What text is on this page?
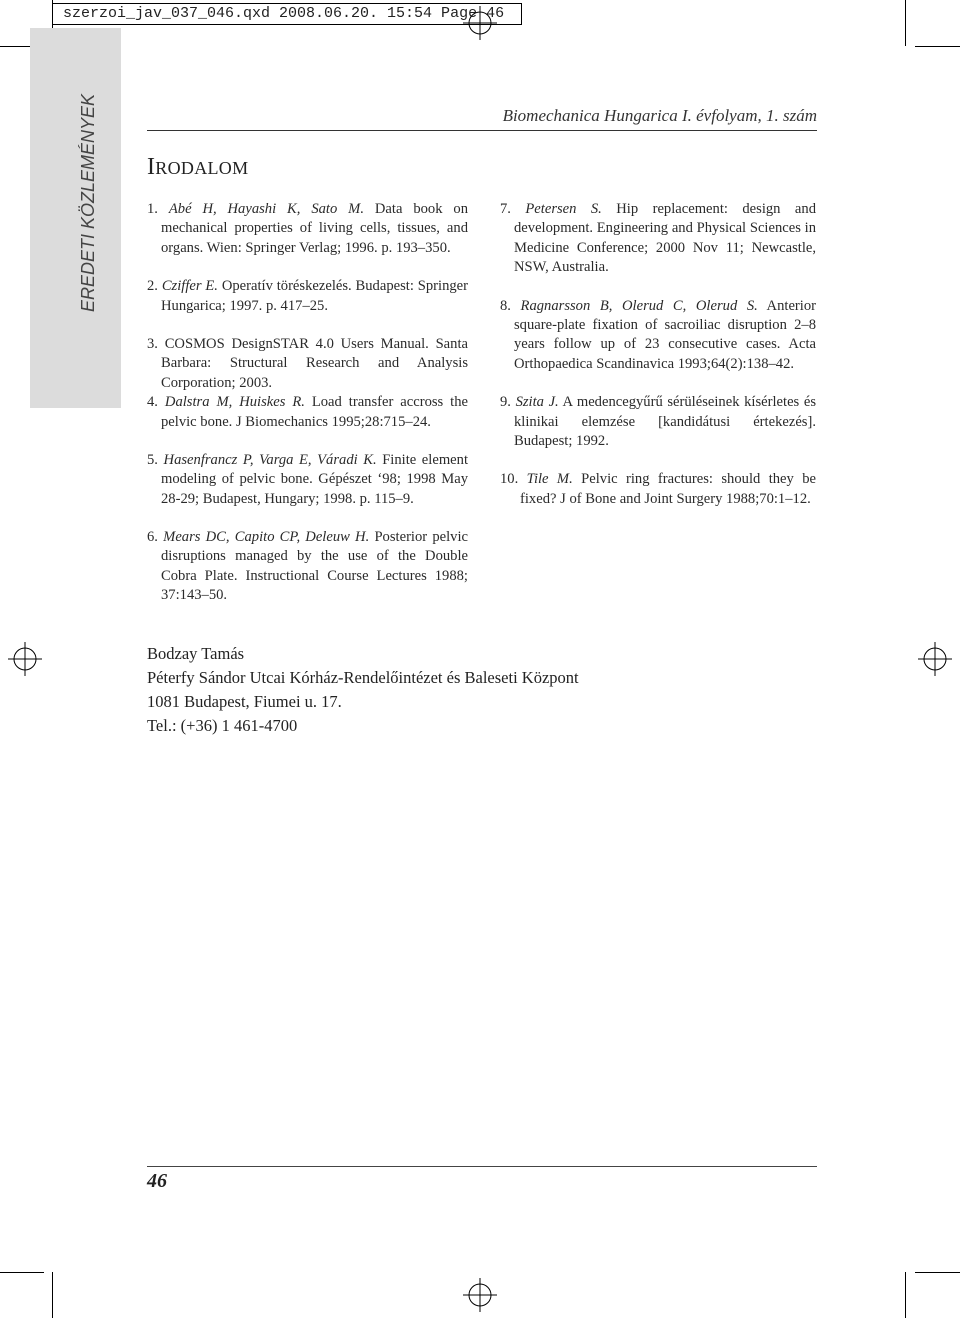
szerzoi_jav_037_046.qxd 2008.06.20. 15:54 Page 46
EREDETI KÖZLEMÉNYEK	Biomechanica Hungarica I. évfolyam, 1. szám
IRODALOM
1. Abé H, Hayashi K, Sato M. Data book on mechanical properties of living cells, tissues, and organs. Wien: Springer Verlag; 1996. p. 193–350.
2. Cziffer E. Operatív töréskezelés. Budapest: Springer Hungarica; 1997. p. 417–25.
3. COSMOS DesignSTAR 4.0 Users Manual. Santa Barbara: Structural Research and Analysis Corporation; 2003.
4. Dalstra M, Huiskes R. Load transfer accross the pelvic bone. J Biomechanics 1995;28:715–24.
5. Hasenfrancz P, Varga E, Váradi K. Finite element modeling of pelvic bone. Gépészet ‘98; 1998 May 28-29; Budapest, Hungary; 1998. p. 115–9.
6. Mears DC, Capito CP, Deleuw H. Posterior pelvic disruptions managed by the use of the Double Cobra Plate. Instructional Course Lectures 1988; 37:143–50.
7. Petersen S. Hip replacement: design and development. Engineering and Physical Sciences in Medicine Conference; 2000 Nov 11; Newcastle, NSW, Australia.
8. Ragnarsson B, Olerud C, Olerud S. Anterior square-plate fixation of sacroiliac disruption 2–8 years follow up of 23 consecutive cases. Acta Orthopaedica Scandinavica 1993;64(2):138–42.
9. Szita J. A medencegyűrű sérüléseinek kísérletes és klinikai elemzése [kandidátusi értekezés]. Budapest; 1992.
10. Tile M. Pelvic ring fractures: should they be fixed? J of Bone and Joint Surgery 1988;70:1–12.
Bodzay Tamás
Péterfy Sándor Utcai Kórház-Rendelőintézet és Baleseti Központ
1081 Budapest, Fiumei u. 17.
Tel.: (+36) 1 461-4700
46
